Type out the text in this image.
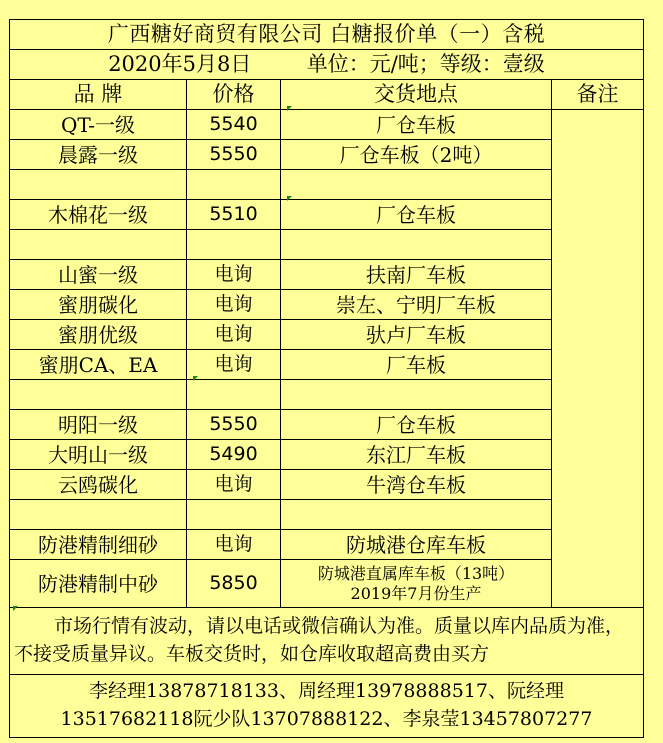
广西糖好商贸有限公司 白糖报价单（一）含税			
2020年5月8日 单位：元/吨；等级：壹级			
品 牌	价格	交货地点	备注
QT-一级	5540	厂仓车板	
晨露一级	5550	厂仓车板（2吨）	

木棉花一级	5510	厂仓车板	

山蜜一级	电询	扶南厂车板	
蜜朋碳化	电询	崇左、宁明厂车板	
蜜朋优级	电询	驮卢厂车板	
蜜朋CA、EA	电询	厂车板	

明阳一级	5550	厂仓车板	
大明山一级	5490	东江厂车板	
云鸥碳化	电询	牛湾仓车板	

防港精制细砂	电询	防城港仓库车板	
防港精制中砂	5850	防城港直属库车板（13吨）
2019年7月份生产	
市场行情有波动，请以电话或微信确认为准。质量以库内品质为准，不接受质量异议。车板交货时，如仓库收取超高费由买方			
李经理13878718133、周经理13978888517、阮经理
13517682118阮少队13707888122、李泉莹13457807277			
